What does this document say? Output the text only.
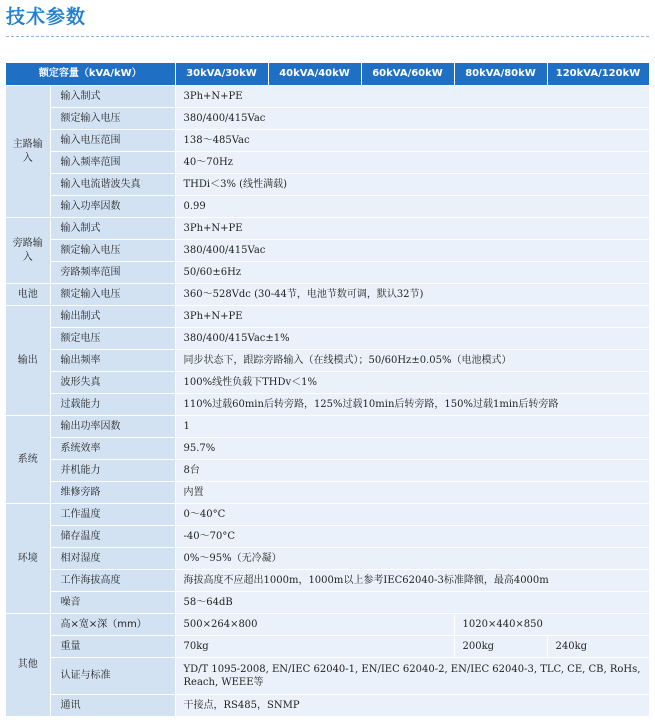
技术参数
额定容量（kVA/kW）		30kVA/30kW	40kVA/40kW	60kVA/60kW	80kVA/80kW	120kVA/120kW
主路输入	输入制式	3Ph+N+PE				
	额定输入电压	380/400/415Vac				
	输入电压范围	138～485Vac				
	输入频率范围	40～70Hz				
	输入电流谐波失真	THDi＜3% (线性满载)				
	输入功率因数	0.99				
旁路输入	输入制式	3Ph+N+PE				
	额定输入电压	380/400/415Vac				
	旁路频率范围	50/60±6Hz				
电池	额定输入电压	360～528Vdc (30-44节，电池节数可调，默认32节)				
输出	输出制式	3Ph+N+PE				
	额定电压	380/400/415Vac±1%				
	输出频率	同步状态下，跟踪旁路输入（在线模式）；50/60Hz±0.05%（电池模式）				
	波形失真	100%线性负载下THDv＜1%				
	过载能力	110%过载60min后转旁路，125%过载10min后转旁路，150%过载1min后转旁路				
系统	输出功率因数	1				
	系统效率	95.7%				
	并机能力	8台				
	维修旁路	内置				
环境	工作温度	0～40°C				
	储存温度	-40～70°C				
	相对湿度	0%～95%（无冷凝）				
	工作海拔高度	海拔高度不应超出1000m，1000m以上参考IEC62040-3标准降额，最高4000m				
	噪音	58～64dB				
其他	高×宽×深（mm）	500×264×800			1020×440×850	
	重量	70kg			200kg	240kg
	认证与标准	YD/T 1095-2008, EN/IEC 62040-1, EN/IEC 62040-2, EN/IEC 62040-3, TLC, CE, CB, RoHs, Reach, WEEE等				
	通讯	干接点，RS485，SNMP				
